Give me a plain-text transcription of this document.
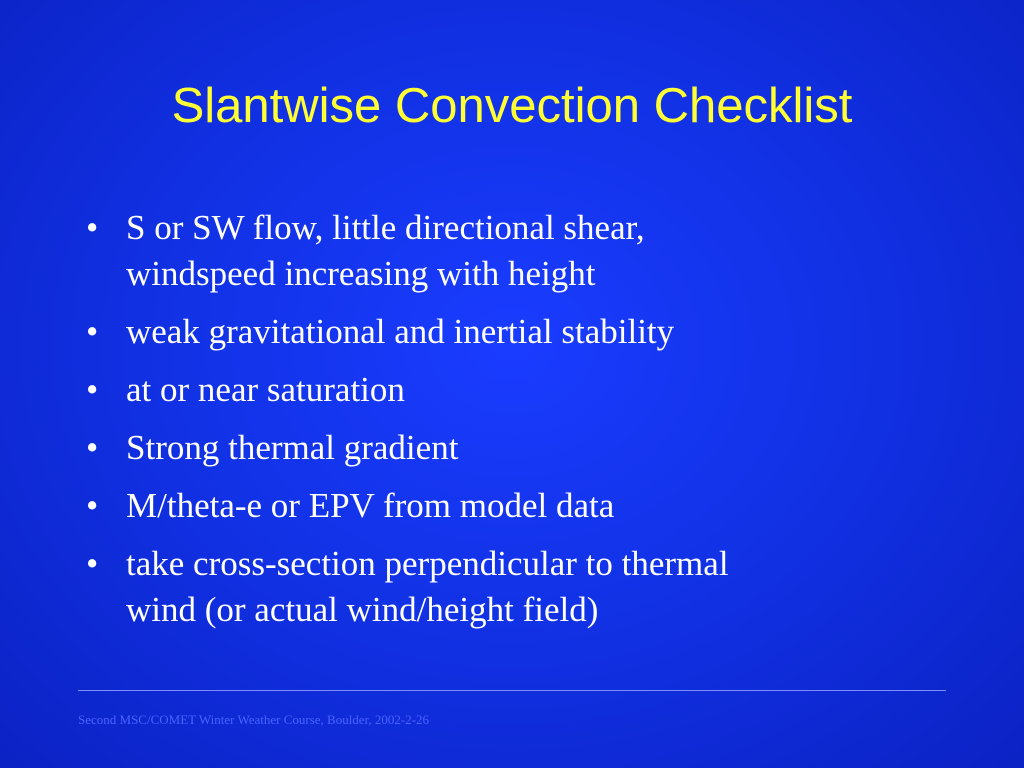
Slantwise Convection Checklist
• S or SW flow, little directional shear,
windspeed increasing with height
• weak gravitational and inertial stability
• at or near saturation
• Strong thermal gradient
• M/theta-e or EPV from model data
• take cross-section perpendicular to thermal
wind (or actual wind/height field)
Second MSC/COMET Winter Weather Course, Boulder, 2002-2-26
